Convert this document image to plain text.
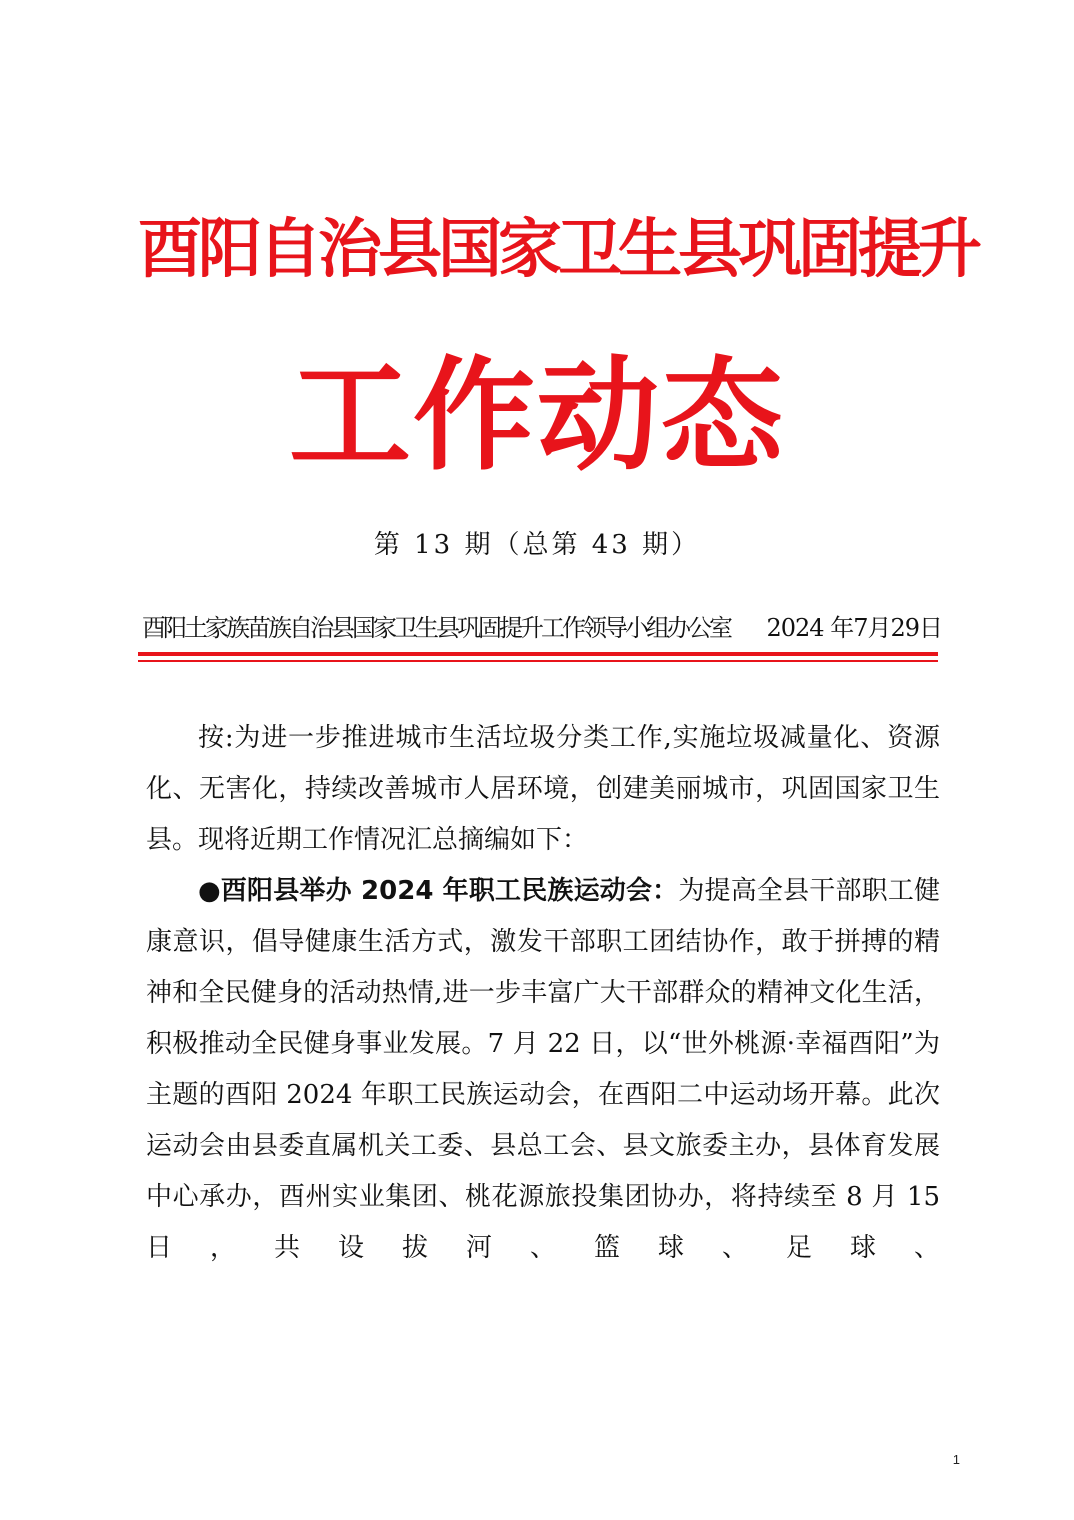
酉阳自治县国家卫生县巩固提升
工作动态
第 13 期（总第 43 期）
酉阳土家族苗族自治县国家卫生县巩固提升工作领导小组办公室 2024 年7月29日

按:为进一步推进城市生活垃圾分类工作,实施垃圾减量化、资源化、无害化，持续改善城市人居环境，创建美丽城市，巩固国家卫生县。现将近期工作情况汇总摘编如下：

●酉阳县举办 2024 年职工民族运动会：为提高全县干部职工健康意识，倡导健康生活方式，激发干部职工团结协作，敢于拼搏的精神和全民健身的活动热情,进一步丰富广大干部群众的精神文化生活，积极推动全民健身事业发展。7 月 22 日，以“世外桃源·幸福酉阳”为主题的酉阳 2024 年职工民族运动会，在酉阳二中运动场开幕。此次运动会由县委直属机关工委、县总工会、县文旅委主办，县体育发展中心承办，酉州实业集团、桃花源旅投集团协办，将持续至 8 月 15 日，共设拔河、篮球、足球、

1
